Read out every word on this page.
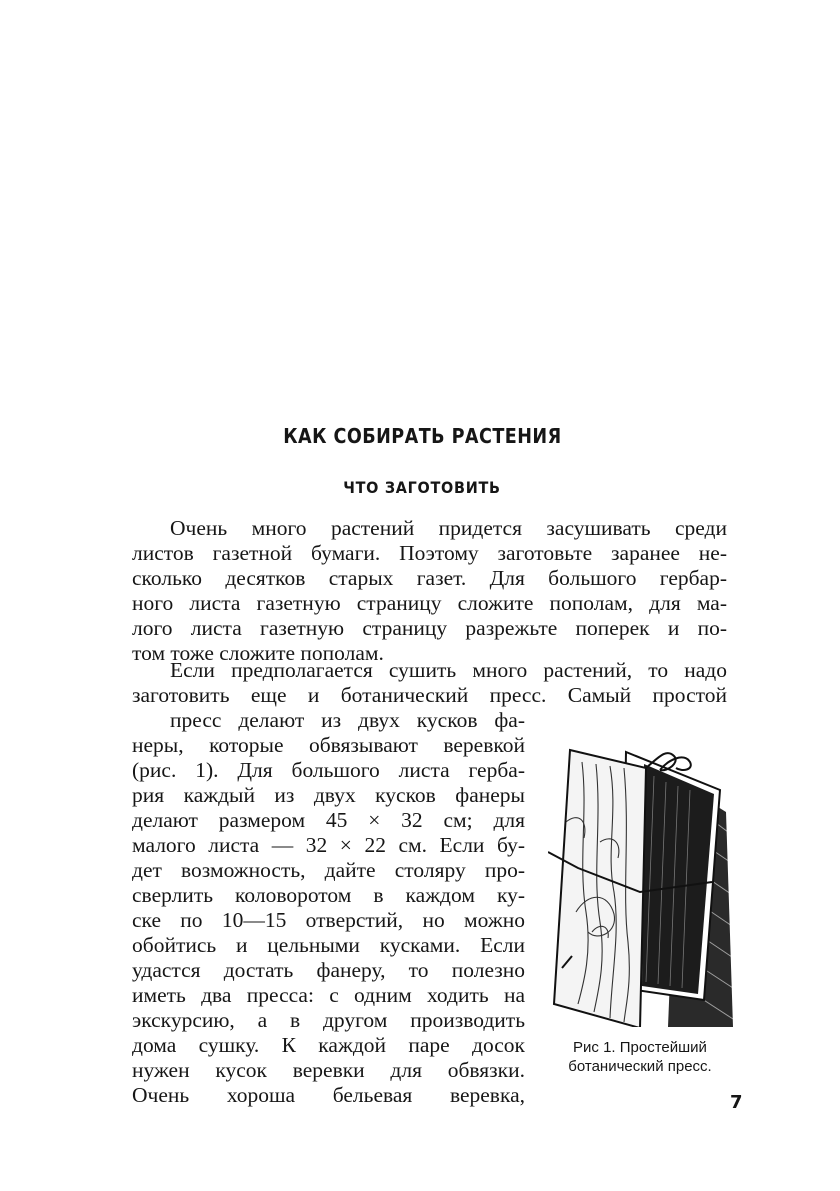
КАК СОБИРАТЬ РАСТЕНИЯ
ЧТО ЗАГОТОВИТЬ
Очень много растений придется засушивать среди
листов газетной бумаги. Поэтому заготовьте заранее не-
сколько десятков старых газет. Для большого гербар-
ного листа газетную страницу сложите пополам, для ма-
лого листа газетную страницу разрежьте поперек и по-
том тоже сложите пополам.
Если предполагается сушить много растений, то надо
заготовить еще и ботанический пресс. Самый простой
пресс делают из двух кусков фа-
неры, которые обвязывают веревкой
(рис. 1). Для большого листа герба-
рия каждый из двух кусков фанеры
делают размером 45 × 32 см; для
малого листа — 32 × 22 см. Если бу-
дет возможность, дайте столяру про-
сверлить коловоротом в каждом ку-
ске по 10—15 отверстий, но можно
обойтись и цельными кусками. Если
удастся достать фанеру, то полезно
иметь два пресса: с одним ходить на
экскурсию, а в другом производить
дома сушку. К каждой паре досок
нужен кусок веревки для обвязки.
Очень хороша бельевая веревка,
Рис 1. Простейший
ботанический пресс.
7
